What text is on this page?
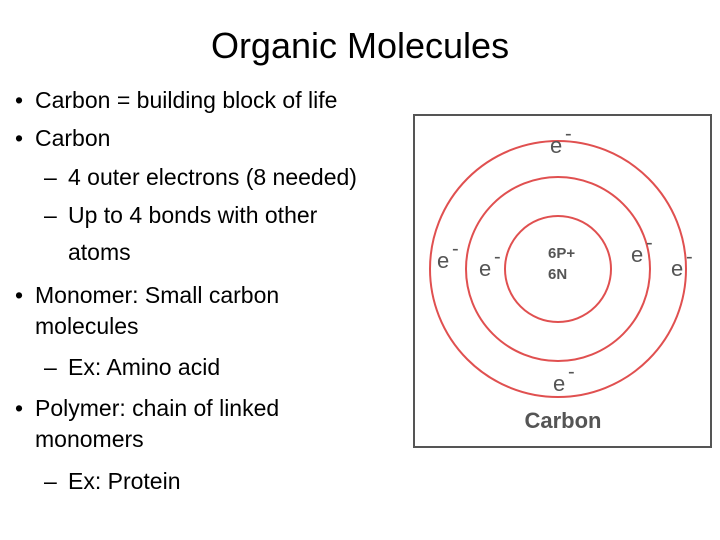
Organic Molecules
• Carbon = building block of life
• Carbon
– 4 outer electrons (8 needed)
– Up to 4 bonds with other
atoms
• Monomer: Small carbon
molecules
– Ex: Amino acid
• Polymer: chain of linked
monomers
– Ex: Protein
6P+
6N
e -
e -
e -
e -	e -
e -
Carbon
